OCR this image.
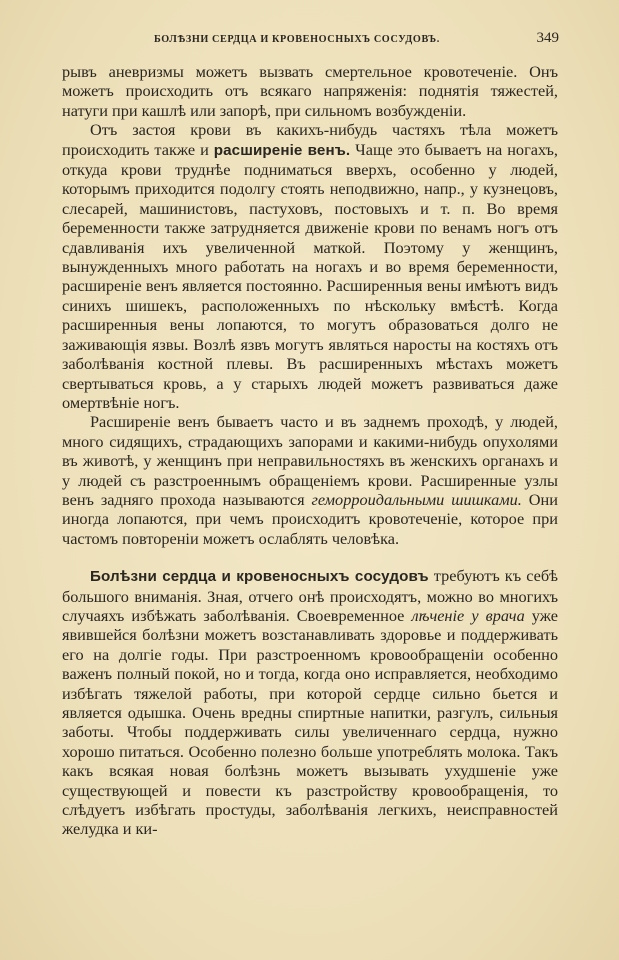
БОЛѢЗНИ СЕРДЦА И КРОВЕНОСНЫХЪ СОСУДОВЪ.	349

рывъ аневризмы можетъ вызвать смертельное кровотеченіе. Онъ можетъ происходить отъ всякаго напряженія: поднятія тяжестей, натуги при кашлѣ или запорѣ, при сильномъ возбужденіи.

Отъ застоя крови въ какихъ-нибудь частяхъ тѣла можетъ происходить также и расширеніе венъ. Чаще это бываетъ на ногахъ, откуда крови труднѣе подниматься вверхъ, особенно у людей, которымъ приходится подолгу стоять неподвижно, напр., у кузнецовъ, слесарей, машинистовъ, пастуховъ, постовыхъ и т. п. Во время беременности также затрудняется движеніе крови по венамъ ногъ отъ сдавливанія ихъ увеличенной маткой. Поэтому у женщинъ, вынужденныхъ много работать на ногахъ и во время беременности, расширеніе венъ является постоянно. Расширенныя вены имѣютъ видъ синихъ шишекъ, расположенныхъ по нѣскольку вмѣстѣ. Когда расширенныя вены лопаются, то могутъ образоваться долго не заживающія язвы. Возлѣ язвъ могутъ являться наросты на костяхъ отъ заболѣванія костной плевы. Въ расширенныхъ мѣстахъ можетъ свертываться кровь, а у старыхъ людей можетъ развиваться даже омертвѣніе ногъ.

Расширеніе венъ бываетъ часто и въ заднемъ проходѣ, у людей, много сидящихъ, страдающихъ запорами и какими-нибудь опухолями въ животѣ, у женщинъ при неправильностяхъ въ женскихъ органахъ и у людей съ разстроеннымъ обращеніемъ крови. Расширенные узлы венъ задняго прохода называются геморроидальными шишками. Они иногда лопаются, при чемъ происходитъ кровотеченіе, которое при частомъ повтореніи можетъ ослаблять человѣка.

Болѣзни сердца и кровеносныхъ сосудовъ требуютъ къ себѣ большого вниманія. Зная, отчего онѣ происходятъ, можно во многихъ случаяхъ избѣжать заболѣванія. Своевременное лѣченіе у врача уже явившейся болѣзни можетъ возстанавливать здоровье и поддерживать его на долгіе годы. При разстроенномъ кровообращеніи особенно важенъ полный покой, но и тогда, когда оно исправляется, необходимо избѣгать тяжелой работы, при которой сердце сильно бьется и является одышка. Очень вредны спиртные напитки, разгулъ, сильныя заботы. Чтобы поддерживать силы увеличеннаго сердца, нужно хорошо питаться. Особенно полезно больше употреблять молока. Такъ какъ всякая новая болѣзнь можетъ вызывать ухудшеніе уже существующей и повести къ разстройству кровообращенія, то слѣдуетъ избѣгать простуды, заболѣванія легкихъ, неисправностей желудка и ки-
